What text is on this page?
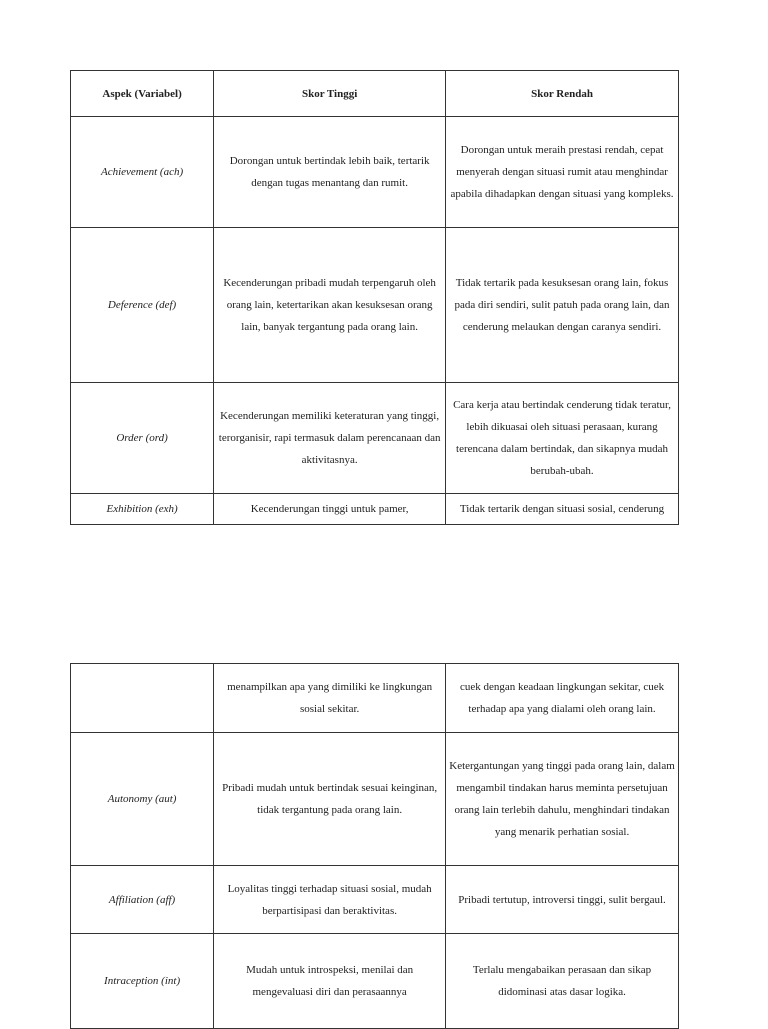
Aspek (Variabel)	Skor Tinggi	Skor Rendah
Achievement (ach)	Dorongan untuk bertindak lebih baik, tertarik dengan tugas menantang dan rumit.	Dorongan untuk meraih prestasi rendah, cepat menyerah dengan situasi rumit atau menghindar apabila dihadapkan dengan situasi yang kompleks.
Deference (def)	Kecenderungan pribadi mudah terpengaruh oleh orang lain, ketertarikan akan kesuksesan orang lain, banyak tergantung pada orang lain.	Tidak tertarik pada kesuksesan orang lain, fokus pada diri sendiri, sulit patuh pada orang lain, dan cenderung melaukan dengan caranya sendiri.
Order (ord)	Kecenderungan memiliki keteraturan yang tinggi, terorganisir, rapi termasuk dalam perencanaan dan aktivitasnya.	Cara kerja atau bertindak cenderung tidak teratur, lebih dikuasai oleh situasi perasaan, kurang terencana dalam bertindak, dan sikapnya mudah berubah-ubah.
Exhibition (exh)	Kecenderungan tinggi untuk pamer,	Tidak tertarik dengan situasi sosial, cenderung
	menampilkan apa yang dimiliki ke lingkungan sosial sekitar.	cuek dengan keadaan lingkungan sekitar, cuek terhadap apa yang dialami oleh orang lain.
Autonomy (aut)	Pribadi mudah untuk bertindak sesuai keinginan, tidak tergantung pada orang lain.	Ketergantungan yang tinggi pada orang lain, dalam mengambil tindakan harus meminta persetujuan orang lain terlebih dahulu, menghindari tindakan yang menarik perhatian sosial.
Affiliation (aff)	Loyalitas tinggi terhadap situasi sosial, mudah berpartisipasi dan beraktivitas.	Pribadi tertutup, introversi tinggi, sulit bergaul.
Intraception (int)	Mudah untuk introspeksi, menilai dan mengevaluasi diri dan perasaannya	Terlalu mengabaikan perasaan dan sikap didominasi atas dasar logika.
